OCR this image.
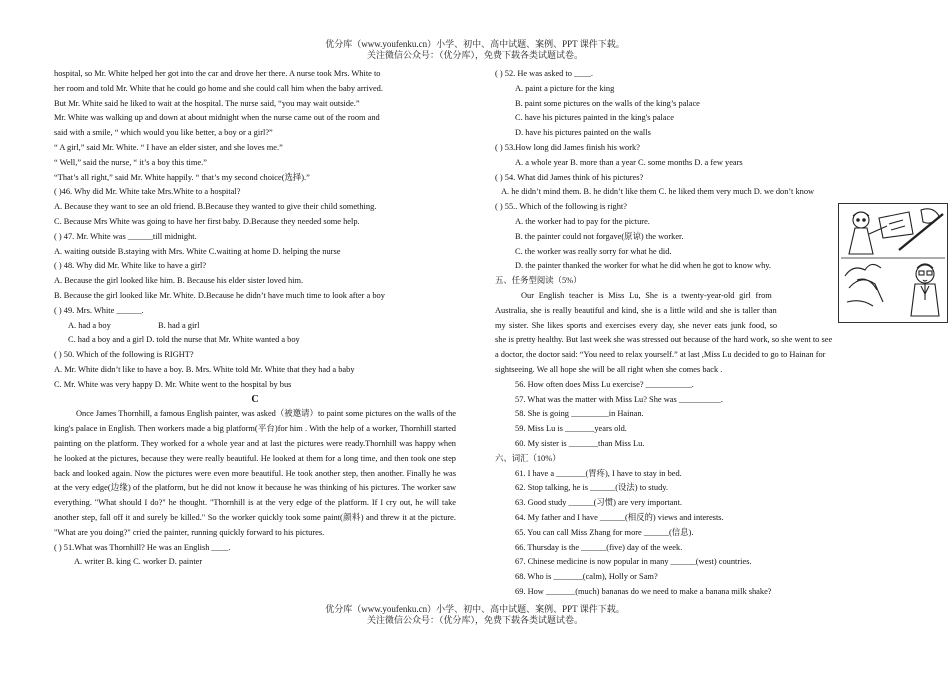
优分库（www.youfenku.cn）小学、初中、高中试题、案例、PPT 课件下载。
关注微信公众号：（优分库），免费下载各类试题试卷。
hospital, so Mr. White helped her got into the car and drove her there. A nurse took Mrs. White to
her room and told Mr. White that he could go home and she could call him when the baby arrived.
But Mr. White said he liked to wait at the hospital. The nurse said, “you may wait outside.”
Mr. White was walking up and down at about midnight when the nurse came out of the room and
said with a smile, “ which would you like better, a boy or a girl?”
“ A girl,” said Mr. White. “ I have an elder sister, and she loves me.”
“ Well,” said the nurse, “ it’s a boy this time.”
“That’s all right,” said Mr. White happily. “ that’s my second choice(选择).”
( )46. Why did Mr. White take Mrs.White to a hospital?
A. Because they want to see an old friend. B.Because they wanted to give their child something.
C. Because Mrs White was going to have her first baby. D.Because they needed some help.
( ) 47. Mr. White was ______till midnight.
A. waiting outside B.staying with Mrs. White C.waiting at home D. helping the nurse
( ) 48. Why did Mr. White like to have a girl?
A. Because the girl looked like him. B. Because his elder sister loved him.
B. Because the girl looked like Mr. White. D.Because he didn’t have much time to look after a boy
( ) 49. Mrs. White ______.
A. had a boy	B. had a girl
C. had a boy and a girl D. told the nurse that Mr. White wanted a boy
( ) 50. Which of the following is RIGHT?
A. Mr. White didn’t like to have a boy. B. Mrs. White told Mr. White that they had a baby
C. Mr. White was very happy D. Mr. White went to the hospital by bus
C
Once James Thornhill, a famous English painter, was asked（被邀请）to paint some pictures on the walls of the king's palace in English. Then workers made a big platform(平台)for him . With the help of a worker, Thornhill started painting on the platform. They worked for a whole year and at last the pictures were ready.Thornhill was happy when he looked at the pictures, because they were really beautiful. He looked at them for a long time, and then took one step back and looked again. Now the pictures were even more beautiful. He took another step, then another. Finally he was at the very edge(边缘) of the platform, but he did not know it because he was thinking of his pictures. The worker saw everything. "What should I do?" he thought. "Thornhill is at the very edge of the platform. If I cry out, he will take another step, fall off it and surely be killed." So the worker quickly took some paint(颜料) and threw it at the picture. "What are you doing?" cried the painter, running quickly forward to his pictures.
( ) 51.What was Thornhill? He was an English ____.
A. writer B. king C. worker D. painter
( ) 52. He was asked to ____.
A. paint a picture for the king
B. paint some pictures on the walls of the king’s palace
C. have his pictures painted in the king's palace
D. have his pictures painted on the walls
( ) 53.How long did James finish his work?
A. a whole year B. more than a year C. some months D. a few years
( ) 54. What did James think of his pictures?
A. he didn’t mind them. B. he didn’t like them C. he liked them very much D. we don’t know
( ) 55.. Which of the following is right?
A. the worker had to pay for the picture.
B. the painter could not forgave(原谅) the worker.
C. the worker was really sorry for what he did.
D. the painter thanked the worker for what he did when he got to know why.
五、任务型阅读（5%）
Our English teacher is Miss Lu, She is a twenty-year-old girl from
Australia, she is really beautiful and kind, she is a little wild and she is taller than
my sister. She likes sports and exercises every day, she never eats junk food, so
she is pretty healthy. But last week she was stressed out because of the hard work, so she went to see
a doctor, the doctor said: “You need to relax yourself.” at last ,Miss Lu decided to go to Hainan for
sightseeing. We all hope she will be all right when she comes back .
56. How often does Miss Lu exercise? ___________.
57. What was the matter with Miss Lu? She was __________.
58. She is going _________in Hainan.
59. Miss Lu is _______years old.
60. My sister is _______than Miss Lu.
六、词汇（10%）
61. I have a _______(胃疼), I have to stay in bed.
62. Stop talking, he is ______(设法) to study.
63. Good study ______(习惯) are very important.
64. My father and I have ______(相反的) views and interests.
65. You can call Miss Zhang for more ______(信息).
66. Thursday is the ______(five) day of the week.
67. Chinese medicine is now popular in many ______(west) countries.
68. Who is _______(calm), Holly or Sam?
69. How _______(much) bananas do we need to make a banana milk shake?
优分库（www.youfenku.cn）小学、初中、高中试题、案例、PPT 课件下载。
关注微信公众号：（优分库），免费下载各类试题试卷。
